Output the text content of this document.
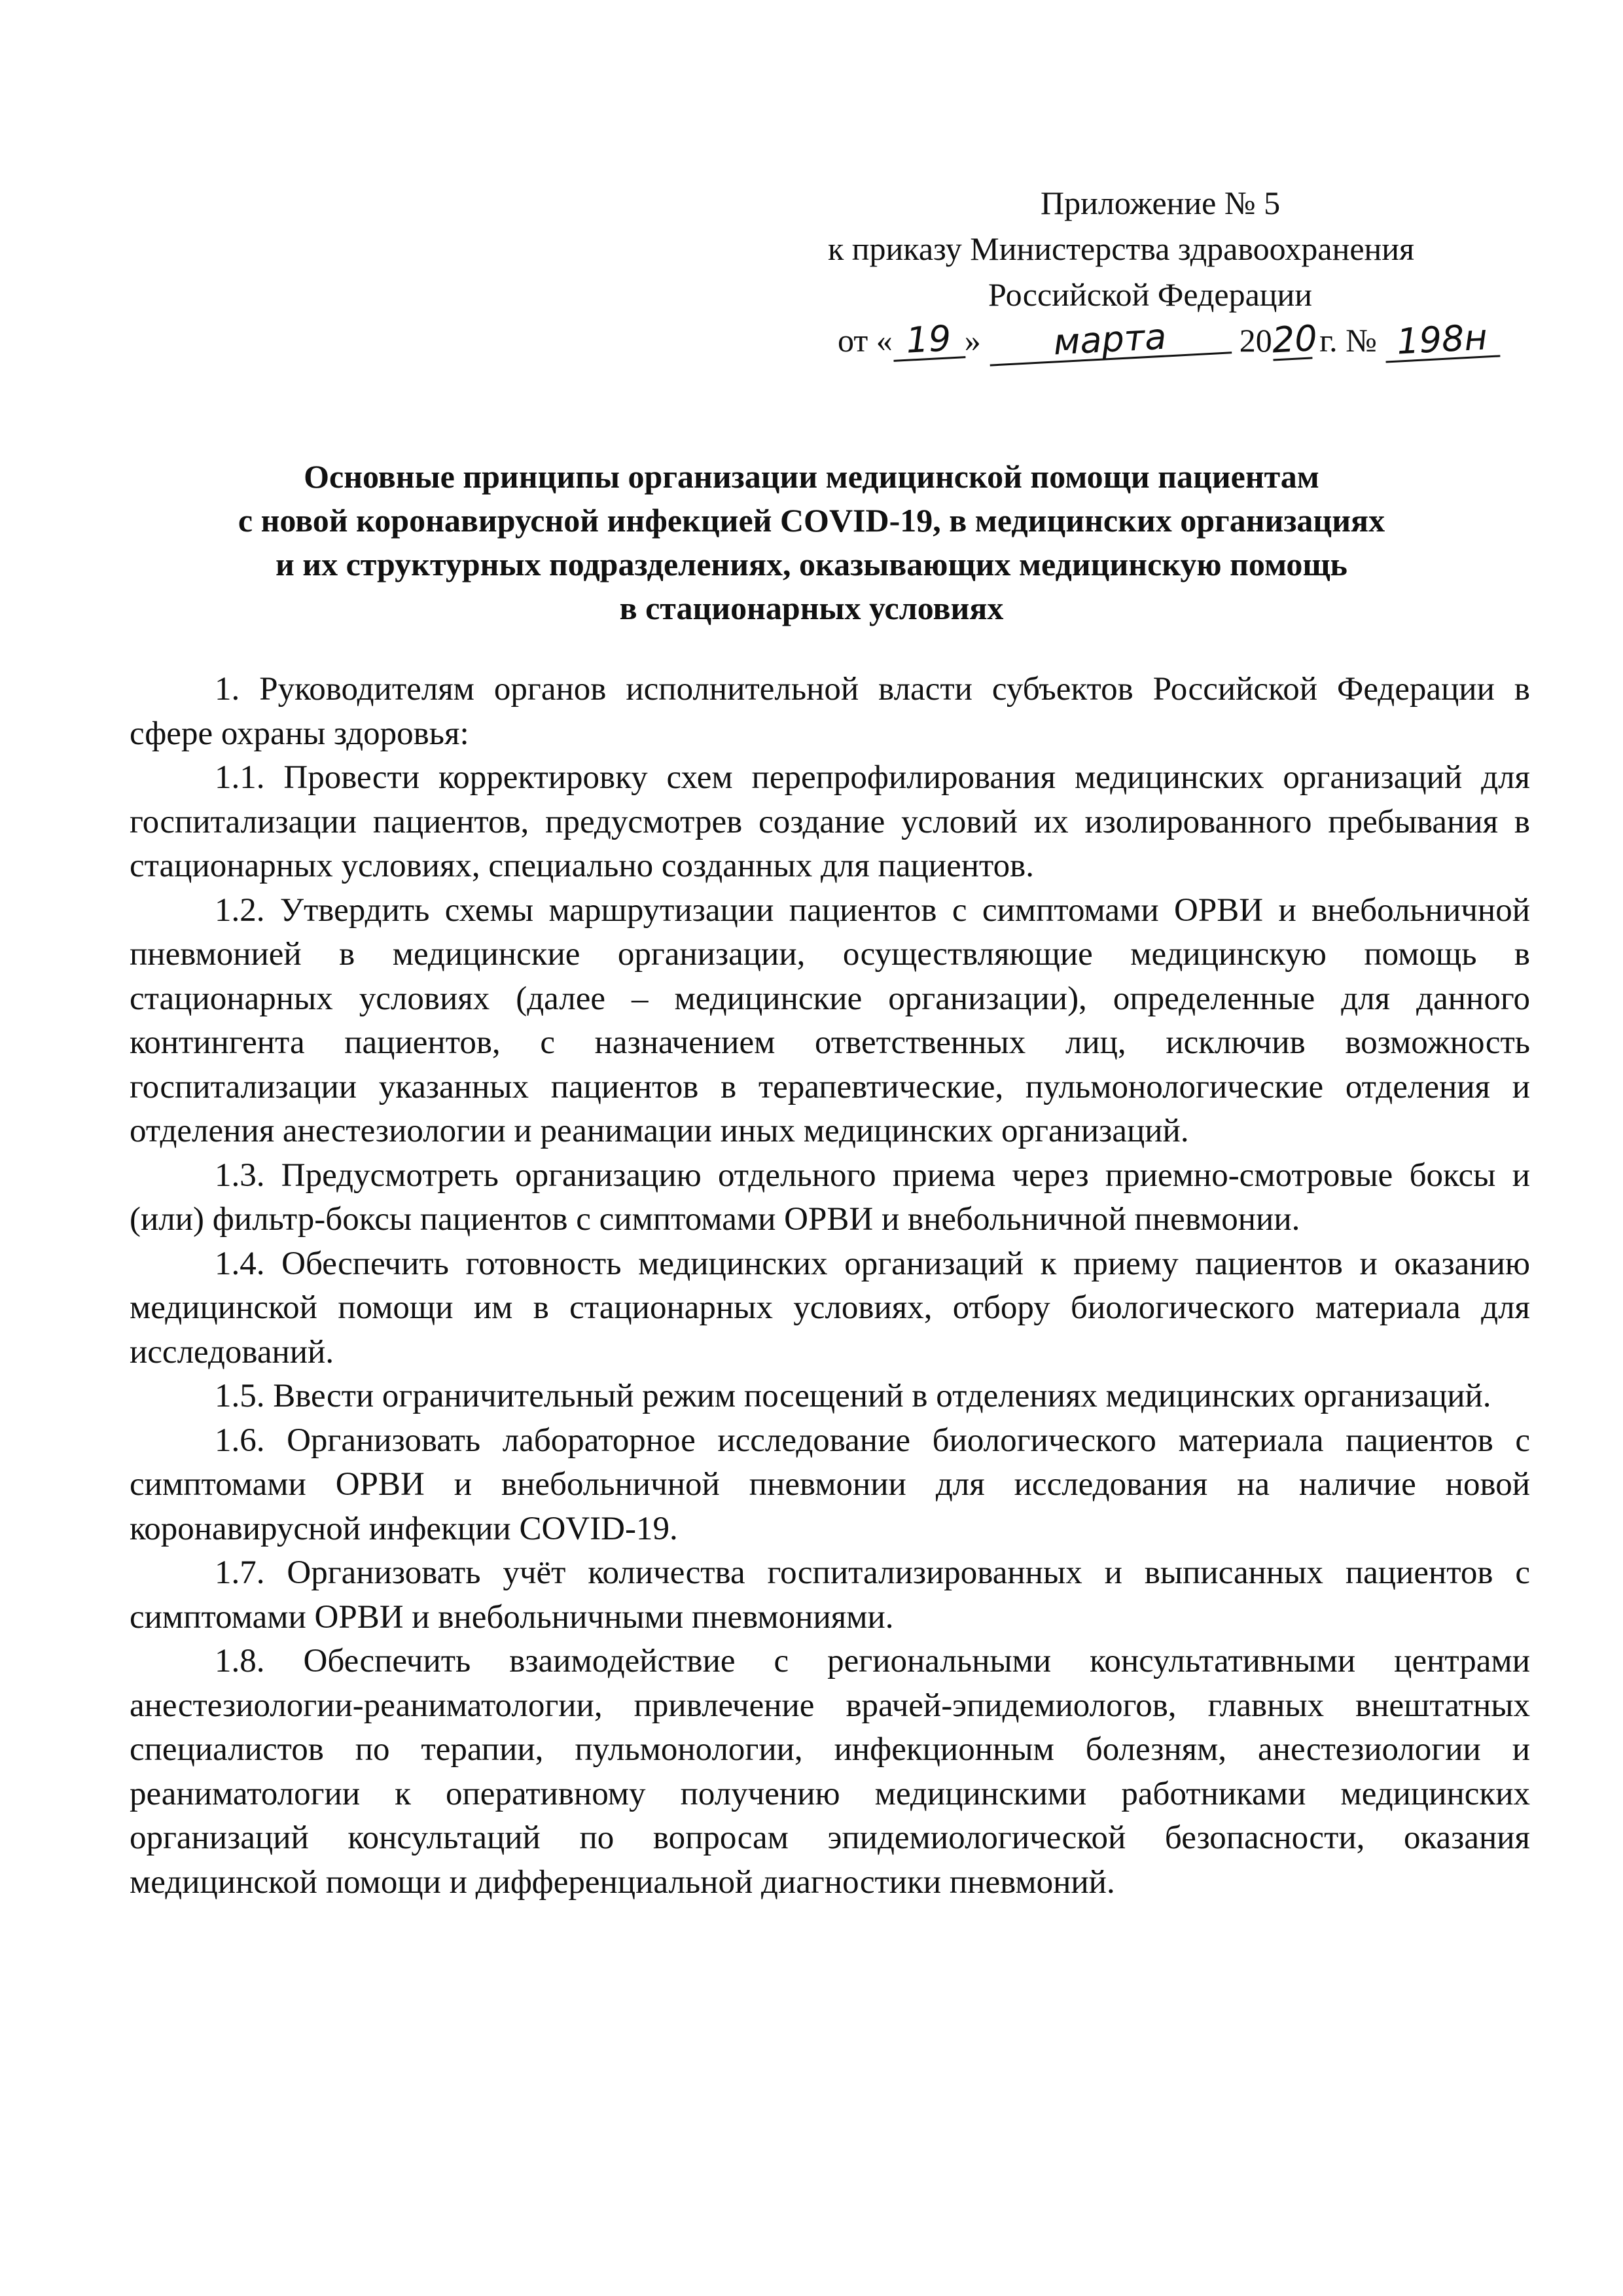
Приложение № 5
к приказу Министерства здравоохранения
Российской Федерации
от « 19 » марта 2020 г. № 198н
Основные принципы организации медицинской помощи пациентам
с новой коронавирусной инфекцией COVID-19, в медицинских организациях
и их структурных подразделениях, оказывающих медицинскую помощь
в стационарных условиях

1. Руководителям органов исполнительной власти субъектов Российской Федерации в сфере охраны здоровья:

1.1. Провести корректировку схем перепрофилирования медицинских организаций для госпитализации пациентов, предусмотрев создание условий их изолированного пребывания в стационарных условиях, специально созданных для пациентов.

1.2. Утвердить схемы маршрутизации пациентов с симптомами ОРВИ и внебольничной пневмонией в медицинские организации, осуществляющие медицинскую помощь в стационарных условиях (далее – медицинские организации), определенные для данного контингента пациентов, с назначением ответственных лиц, исключив возможность госпитализации указанных пациентов в терапевтические, пульмонологические отделения и отделения анестезиологии и реанимации иных медицинских организаций.

1.3. Предусмотреть организацию отдельного приема через приемно-смотровые боксы и (или) фильтр-боксы пациентов с симптомами ОРВИ и внебольничной пневмонии.

1.4. Обеспечить готовность медицинских организаций к приему пациентов и оказанию медицинской помощи им в стационарных условиях, отбору биологического материала для исследований.

1.5. Ввести ограничительный режим посещений в отделениях медицинских организаций.

1.6. Организовать лабораторное исследование биологического материала пациентов с симптомами ОРВИ и внебольничной пневмонии для исследования на наличие новой коронавирусной инфекции COVID-19.

1.7. Организовать учёт количества госпитализированных и выписанных пациентов с симптомами ОРВИ и внебольничными пневмониями.

1.8. Обеспечить взаимодействие с региональными консультативными центрами анестезиологии-реаниматологии, привлечение врачей-эпидемиологов, главных внештатных специалистов по терапии, пульмонологии, инфекционным болезням, анестезиологии и реаниматологии к оперативному получению медицинскими работниками медицинских организаций консультаций по вопросам эпидемиологической безопасности, оказания медицинской помощи и дифференциальной диагностики пневмоний.
